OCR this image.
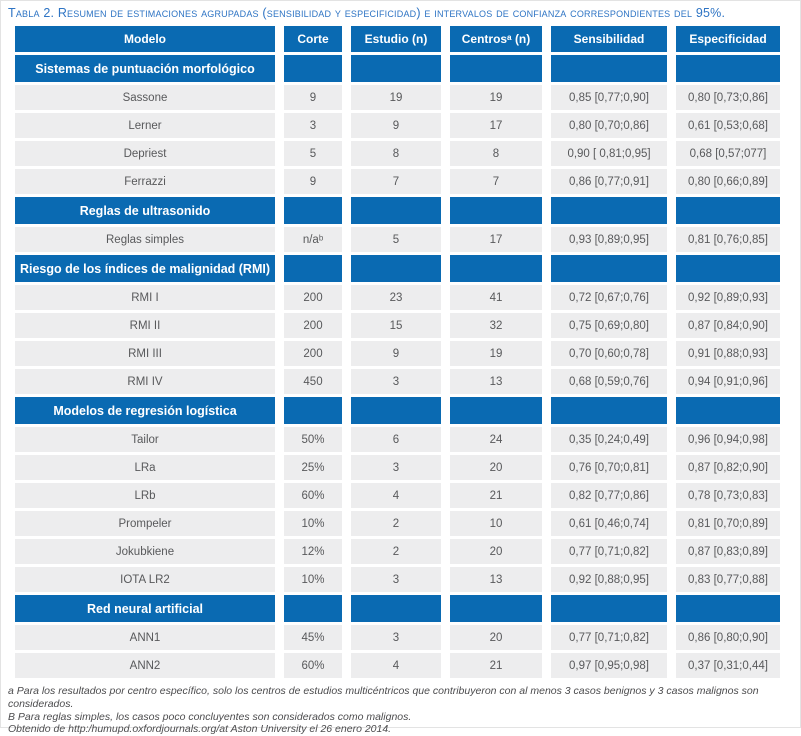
Tabla 2. Resumen de estimaciones agrupadas (sensibilidad y especificidad) e intervalos de confianza correspondientes del 95%.
Modelo	Corte	Estudio (n)	Centrosᵃ (n)	Sensibilidad	Especificidad
Sistemas de puntuación morfológico					
Sassone	9	19	19	0,85 [0,77;0,90]	0,80 [0,73;0,86]
Lerner	3	9	17	0,80 [0,70;0,86]	0,61 [0,53;0,68]
Depriest	5	8	8	0,90 [ 0,81;0,95]	0,68 [0,57;077]
Ferrazzi	9	7	7	0,86 [0,77;0,91]	0,80 [0,66;0,89]
Reglas de ultrasonido					
Reglas simples	n/aᵇ	5	17	0,93 [0,89;0,95]	0,81 [0,76;0,85]
Riesgo de los índices de malignidad (RMI)					
RMI I	200	23	41	0,72 [0,67;0,76]	0,92 [0,89;0,93]
RMI II	200	15	32	0,75 [0,69;0,80]	0,87 [0,84;0,90]
RMI III	200	9	19	0,70 [0,60;0,78]	0,91 [0,88;0,93]
RMI IV	450	3	13	0,68 [0,59;0,76]	0,94 [0,91;0,96]
Modelos de regresión logística					
Tailor	50%	6	24	0,35 [0,24;0,49]	0,96 [0,94;0,98]
LRa	25%	3	20	0,76 [0,70;0,81]	0,87 [0,82;0,90]
LRb	60%	4	21	0,82 [0,77;0,86]	0,78 [0,73;0,83]
Prompeler	10%	2	10	0,61 [0,46;0,74]	0,81 [0,70;0,89]
Jokubkiene	12%	2	20	0,77 [0,71;0,82]	0,87 [0,83;0,89]
IOTA LR2	10%	3	13	0,92 [0,88;0,95]	0,83 [0,77;0,88]
Red neural artificial					
ANN1	45%	3	20	0,77 [0,71;0,82]	0,86 [0,80;0,90]
ANN2	60%	4	21	0,97 [0,95;0,98]	0,37 [0,31;0,44]

a Para los resultados por centro específico, solo los centros de estudios multicéntricos que contribuyeron con al menos 3 casos benignos y 3 casos malignos son considerados.

B Para reglas simples, los casos poco concluyentes son considerados como malignos.

Obtenido de http:/humupd.oxfordjournals.org/at Aston University el 26 enero 2014.
